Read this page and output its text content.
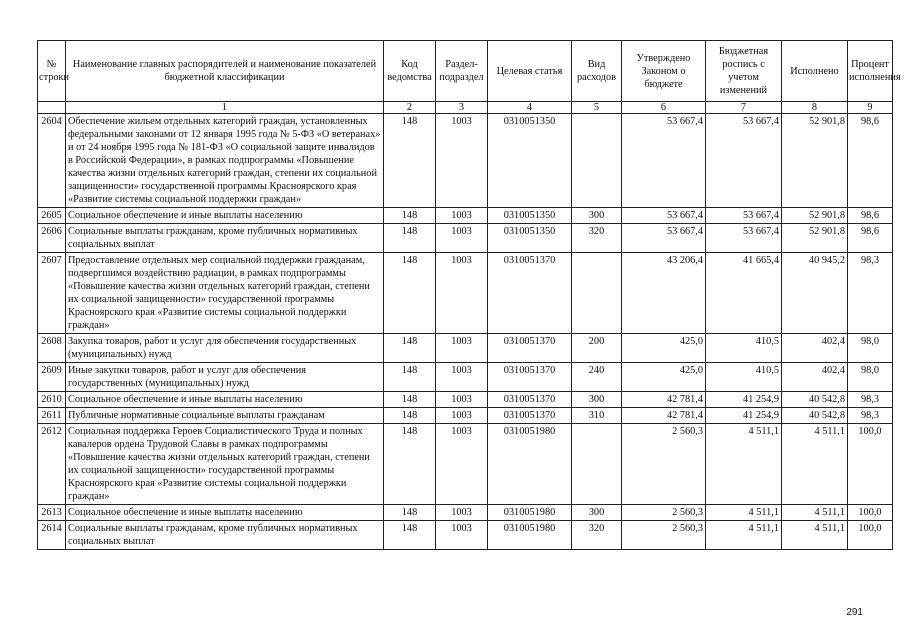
№ строки	Наименование главных распорядителей и наименование показателей бюджетной классификации	Код ведомства	Раздел-подраздел	Целевая статья	Вид расходов	Утверждено Законом о бюджете	Бюджетная роспись с учетом изменений	Исполнено	Процент исполнения
	1	2	3	4	5	6	7	8	9
2604	Обеспечение жильем отдельных категорий граждан, установленных федеральными законами от 12 января 1995 года № 5-ФЗ «О ветеранах» и от 24 ноября 1995 года № 181-ФЗ «О социальной защите инвалидов в Российской Федерации», в рамках подпрограммы «Повышение качества жизни отдельных категорий граждан, степени их социальной защищенности» государственной программы Красноярского края «Развитие системы социальной поддержки граждан»	148	1003	0310051350		53 667,4	53 667,4	52 901,8	98,6
2605	Социальное обеспечение и иные выплаты населению	148	1003	0310051350	300	53 667,4	53 667,4	52 901,8	98,6
2606	Социальные выплаты гражданам, кроме публичных нормативных социальных выплат	148	1003	0310051350	320	53 667,4	53 667,4	52 901,8	98,6
2607	Предоставление отдельных мер социальной поддержки гражданам, подвергшимся воздействию радиации, в рамках подпрограммы «Повышение качества жизни отдельных категорий граждан, степени их социальной защищенности» государственной программы Красноярского края «Развитие системы социальной поддержки граждан»	148	1003	0310051370		43 206,4	41 665,4	40 945,2	98,3
2608	Закупка товаров, работ и услуг для обеспечения государственных (муниципальных) нужд	148	1003	0310051370	200	425,0	410,5	402,4	98,0
2609	Иные закупки товаров, работ и услуг для обеспечения государственных (муниципальных) нужд	148	1003	0310051370	240	425,0	410,5	402,4	98,0
2610	Социальное обеспечение и иные выплаты населению	148	1003	0310051370	300	42 781,4	41 254,9	40 542,8	98,3
2611	Публичные нормативные социальные выплаты гражданам	148	1003	0310051370	310	42 781,4	41 254,9	40 542,8	98,3
2612	Социальная поддержка Героев Социалистического Труда и полных кавалеров ордена Трудовой Славы в рамках подпрограммы «Повышение качества жизни отдельных категорий граждан, степени их социальной защищенности» государственной программы Красноярского края «Развитие системы социальной поддержки граждан»	148	1003	0310051980		2 560,3	4 511,1	4 511,1	100,0
2613	Социальное обеспечение и иные выплаты населению	148	1003	0310051980	300	2 560,3	4 511,1	4 511,1	100,0
2614	Социальные выплаты гражданам, кроме публичных нормативных социальных выплат	148	1003	0310051980	320	2 560,3	4 511,1	4 511,1	100,0
291
